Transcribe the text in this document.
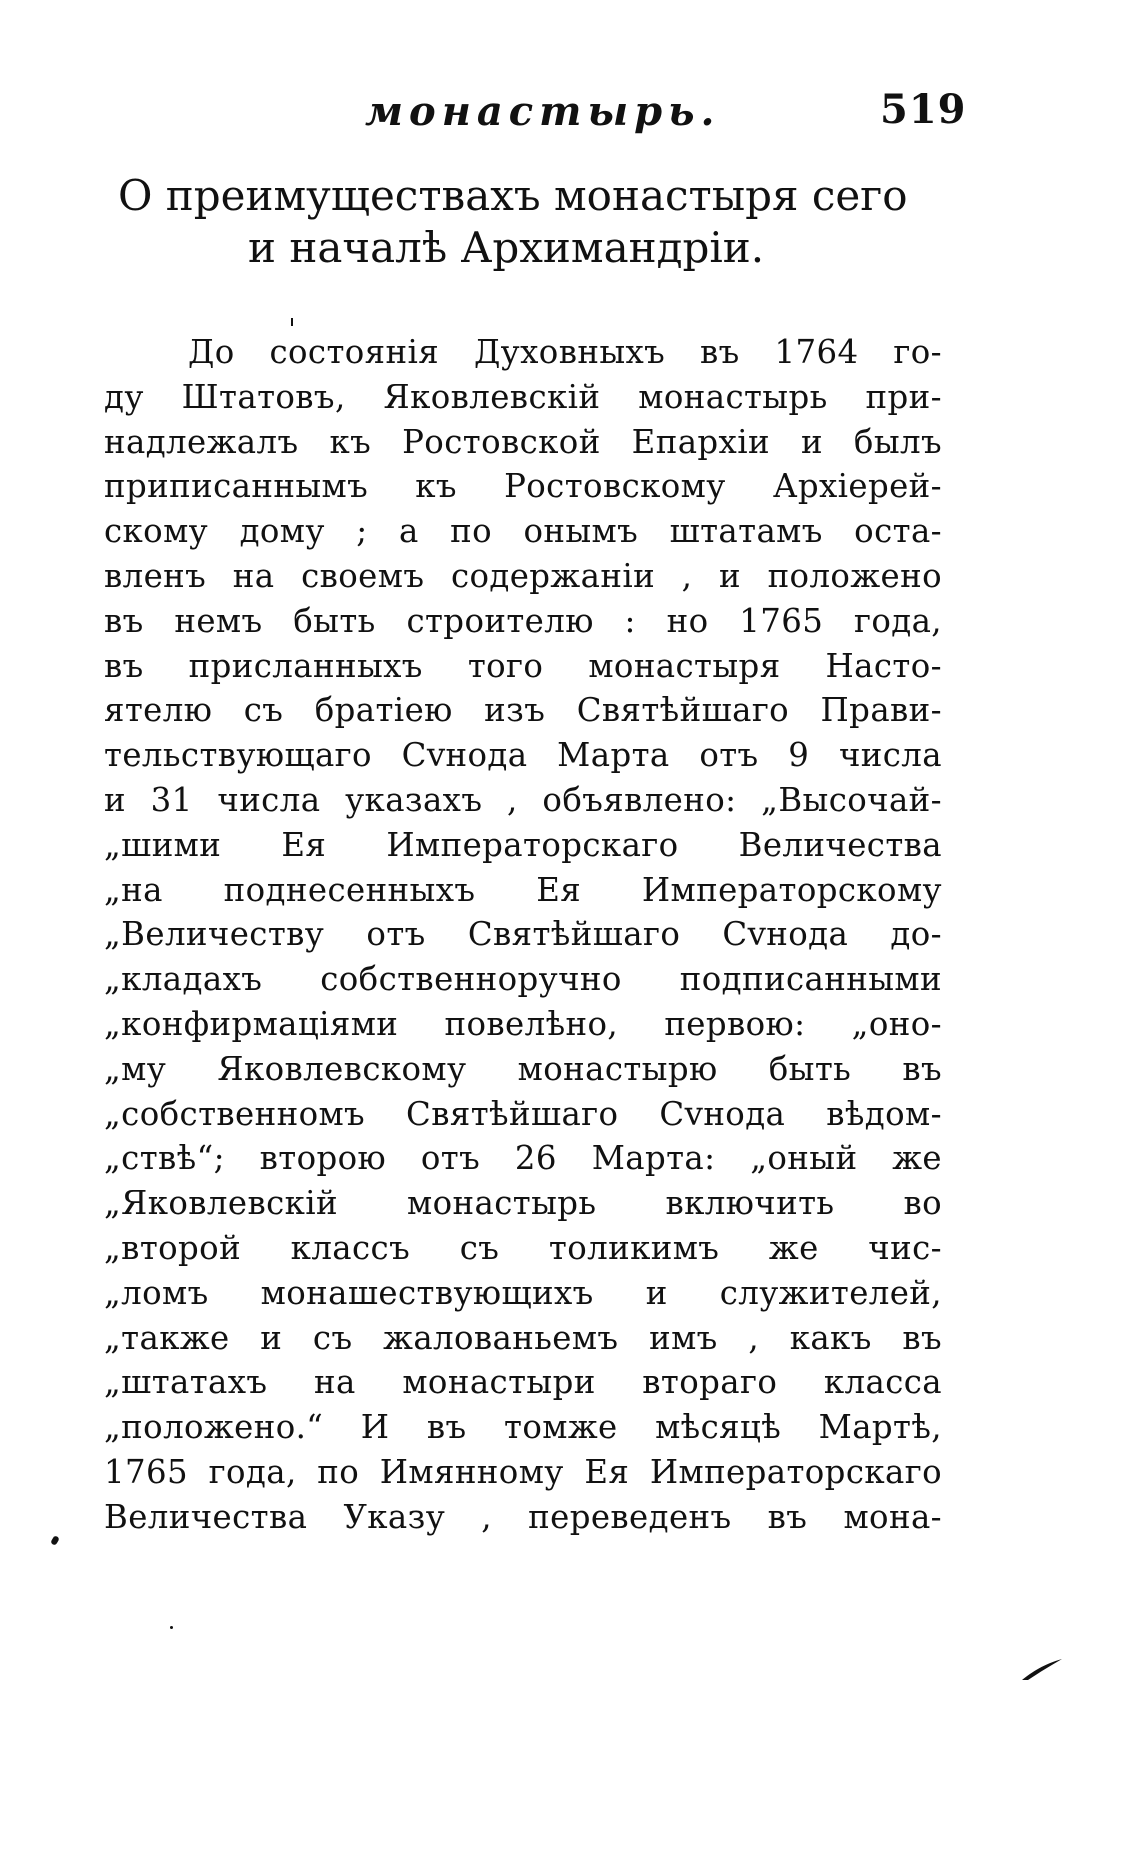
монастырь.	519
О преимуществахъ монастыря сего
и началѣ Архимандріи.
До состоянія Духовныхъ въ 1764 го-
ду Штатовъ, Яковлевскій монастырь при-
надлежалъ къ Ростовской Епархіи и былъ
приписаннымъ къ Ростовскому Архіерей-
скому дому ; а по онымъ штатамъ оста-
вленъ на своемъ содержаніи , и положено
въ немъ быть строителю : но 1765 года,
въ присланныхъ того монастыря Насто-
ятелю съ братіею изъ Святѣйшаго Прави-
тельствующаго Сvнода Марта отъ 9 числа
и 31 числа указахъ , объявлено: „Высочай-
„шими Ея Императорскаго Величества
„на поднесенныхъ Ея Императорскому
„Величеству отъ Святѣйшаго Сvнода до-
„кладахъ собственноручно подписанными
„конфирмаціями повелѣно, первою: „оно-
„му Яковлевскому монастырю быть въ
„собственномъ Святѣйшаго Сvнода вѣдом-
„ствѣ“; второю отъ 26 Марта: „оный же
„Яковлевскій монастырь включить во
„второй классъ съ толикимъ же чис-
„ломъ монашествующихъ и служителей,
„также и съ жалованьемъ имъ , какъ въ
„штатахъ на монастыри втораго класса
„положено.“ И въ томже мѣсяцѣ Мартѣ,
1765 года, по Имянному Ея Императорскаго
Величества Указу , переведенъ въ мона-
